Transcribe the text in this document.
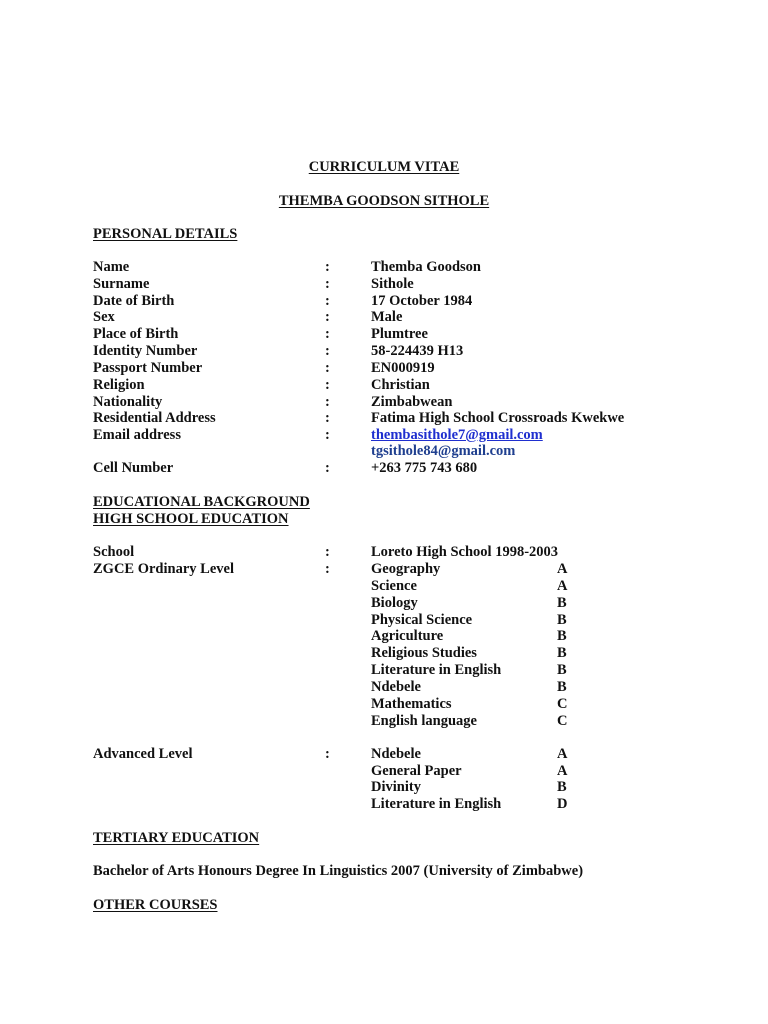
CURRICULUM VITAE
THEMBA GOODSON SITHOLE
PERSONAL DETAILS
Name	:	Themba Goodson
Surname	:	Sithole
Date of Birth	:	17 October 1984
Sex	:	Male
Place of Birth	:	Plumtree
Identity Number	:	58-224439 H13
Passport Number	:	EN000919
Religion	:	Christian
Nationality	:	Zimbabwean
Residential Address	:	Fatima High School Crossroads Kwekwe
Email address	:	thembasithole7@gmail.com
tgsithole84@gmail.com
Cell Number	:	+263 775 743 680
EDUCATIONAL BACKGROUND
HIGH SCHOOL EDUCATION
School	:	Loreto High School 1998-2003
ZGCE Ordinary Level	:	Geography	A
Science	A
Biology	B
Physical Science	B
Agriculture	B
Religious Studies	B
Literature in English	B
Ndebele	B
Mathematics	C
English language	C
Advanced Level	:	Ndebele	A
General Paper	A
Divinity	B
Literature in English	D
TERTIARY EDUCATION
Bachelor of Arts Honours Degree In Linguistics 2007 (University of Zimbabwe)
OTHER COURSES
